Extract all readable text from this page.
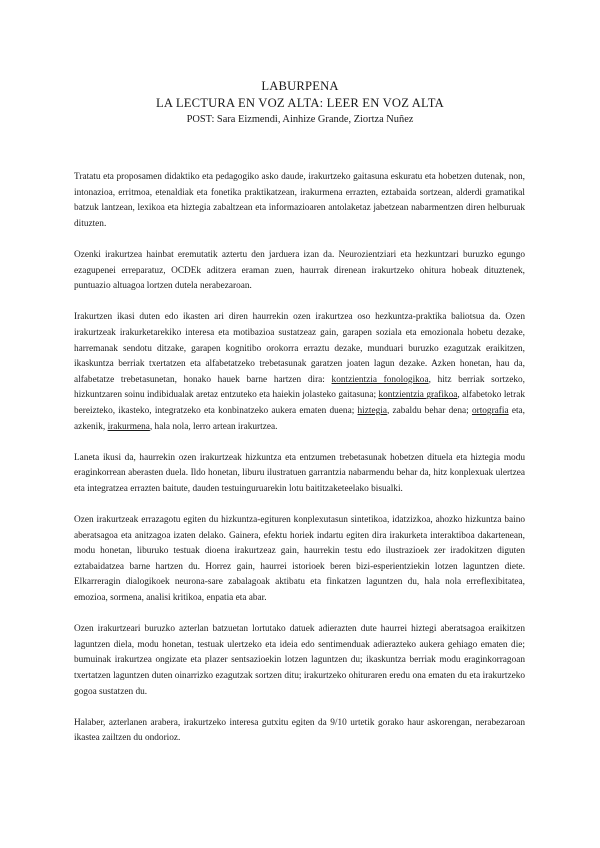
LABURPENA
LA LECTURA EN VOZ ALTA: LEER EN VOZ ALTA
POST: Sara Eizmendi, Ainhize Grande, Ziortza Nuñez

Tratatu eta proposamen didaktiko eta pedagogiko asko daude, irakurtzeko gaitasuna eskuratu eta hobetzen dutenak, non, intonazioa, erritmoa, etenaldiak eta fonetika praktikatzean, irakurmena errazten, eztabaida sortzean, alderdi gramatikal batzuk lantzean, lexikoa eta hiztegia zabaltzean eta informazioaren antolaketaz jabetzean nabarmentzen diren helburuak dituzten.

Ozenki irakurtzea hainbat eremutatik aztertu den jarduera izan da. Neurozientziari eta hezkuntzari buruzko egungo ezagupenei erreparatuz, OCDEk aditzera eraman zuen, haurrak direnean irakurtzeko ohitura hobeak dituztenek, puntuazio altuagoa lortzen dutela nerabezaroan.

Irakurtzen ikasi duten edo ikasten ari diren haurrekin ozen irakurtzea oso hezkuntza-praktika baliotsua da. Ozen irakurtzeak irakurketarekiko interesa eta motibazioa sustatzeaz gain, garapen soziala eta emozionala hobetu dezake, harremanak sendotu ditzake, garapen kognitibo orokorra erraztu dezake, munduari buruzko ezagutzak eraikitzen, ikaskuntza berriak txertatzen eta alfabetatzeko trebetasunak garatzen joaten lagun dezake. Azken honetan, hau da, alfabetatze trebetasunetan, honako hauek barne hartzen dira: kontzientzia fonologikoa, hitz berriak sortzeko, hizkuntzaren soinu indibidualak aretaz entzuteko eta haiekin jolasteko gaitasuna; kontzientzia grafikoa, alfabetoko letrak bereizteko, ikasteko, integratzeko eta konbinatzeko aukera ematen duena; hiztegia, zabaldu behar dena; ortografia eta, azkenik, irakurmena, hala nola, lerro artean irakurtzea.

Laneta ikusi da, haurrekin ozen irakurtzeak hizkuntza eta entzumen trebetasunak hobetzen dituela eta hiztegia modu eraginkorrean aberasten duela. Ildo honetan, liburu ilustratuen garrantzia nabarmendu behar da, hitz konplexuak ulertzea eta integratzea errazten baitute, dauden testuinguruarekin lotu baititzaketeelako bisualki.

Ozen irakurtzeak errazagotu egiten du hizkuntza-egituren konplexutasun sintetikoa, idatzizkoa, ahozko hizkuntza baino aberatsagoa eta anitzagoa izaten delako. Gainera, efektu horiek indartu egiten dira irakurketa interaktiboa dakartenean, modu honetan, liburuko testuak dioena irakurtzeaz gain, haurrekin testu edo ilustrazioek zer iradokitzen diguten eztabaidatzea barne hartzen du. Horrez gain, haurrei istorioek beren bizi-esperientziekin lotzen laguntzen diete. Elkarreragin dialogikoek neurona-sare zabalagoak aktibatu eta finkatzen laguntzen du, hala nola erreflexibitatea, emozioa, sormena, analisi kritikoa, enpatia eta abar.

Ozen irakurtzeari buruzko azterlan batzuetan lortutako datuek adierazten dute haurrei hiztegi aberatsagoa eraikitzen laguntzen diela, modu honetan, testuak ulertzeko eta ideia edo sentimenduak adierazteko aukera gehiago ematen die; bumuinak irakurtzea ongizate eta plazer sentsazioekin lotzen laguntzen du; ikaskuntza berriak modu eraginkorragoan txertatzen laguntzen duten oinarrizko ezagutzak sortzen ditu; irakurtzeko ohituraren eredu ona ematen du eta irakurtzeko gogoa sustatzen du.

Halaber, azterlanen arabera, irakurtzeko interesa gutxitu egiten da 9/10 urtetik gorako haur askorengan, nerabezaroan ikastea zailtzen du ondorioz.
